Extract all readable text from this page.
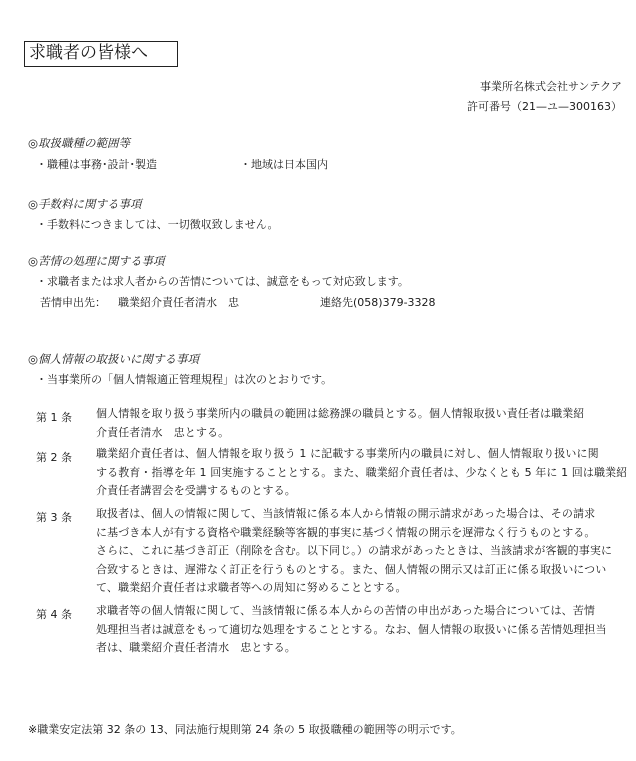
求職者の皆様へ
事業所名株式会社サンテクア
許可番号（21—ユ—300163）
◎取扱職種の範囲等
・職種は事務･設計･製造	・地域は日本国内
◎手数料に関する事項
・手数料につきましては、一切徴収致しません。
◎苦情の処理に関する事項
・求職者または求人者からの苦情については、誠意をもって対応致します。
苦情申出先： 職業紹介責任者清水　忠	連絡先(058)379-3328
◎個人情報の取扱いに関する事項
・当事業所の「個人情報適正管理規程」は次のとおりです。
第 1 条 個人情報を取り扱う事業所内の職員の範囲は総務課の職員とする。個人情報取扱い責任者は職業紹
介責任者清水　忠とする。
第 2 条 職業紹介責任者は、個人情報を取り扱う 1 に記載する事業所内の職員に対し、個人情報取り扱いに関
する教育・指導を年 1 回実施することとする。また、職業紹介責任者は、少なくとも 5 年に 1 回は職業紹
介責任者講習会を受講するものとする。
第 3 条 取扱者は、個人の情報に関して、当該情報に係る本人から情報の開示請求があった場合は、その請求
に基づき本人が有する資格や職業経験等客観的事実に基づく情報の開示を遅滞なく行うものとする。
さらに、これに基づき訂正（削除を含む。以下同じ。）の請求があったときは、当該請求が客観的事実に
合致するときは、遅滞なく訂正を行うものとする。また、個人情報の開示又は訂正に係る取扱いについ
て、職業紹介責任者は求職者等への周知に努めることとする。
第 4 条 求職者等の個人情報に関して、当該情報に係る本人からの苦情の申出があった場合については、苦情
処理担当者は誠意をもって適切な処理をすることとする。なお、個人情報の取扱いに係る苦情処理担当
者は、職業紹介責任者清水　忠とする。
※職業安定法第 32 条の 13、同法施行規則第 24 条の 5 取扱職種の範囲等の明示です。
